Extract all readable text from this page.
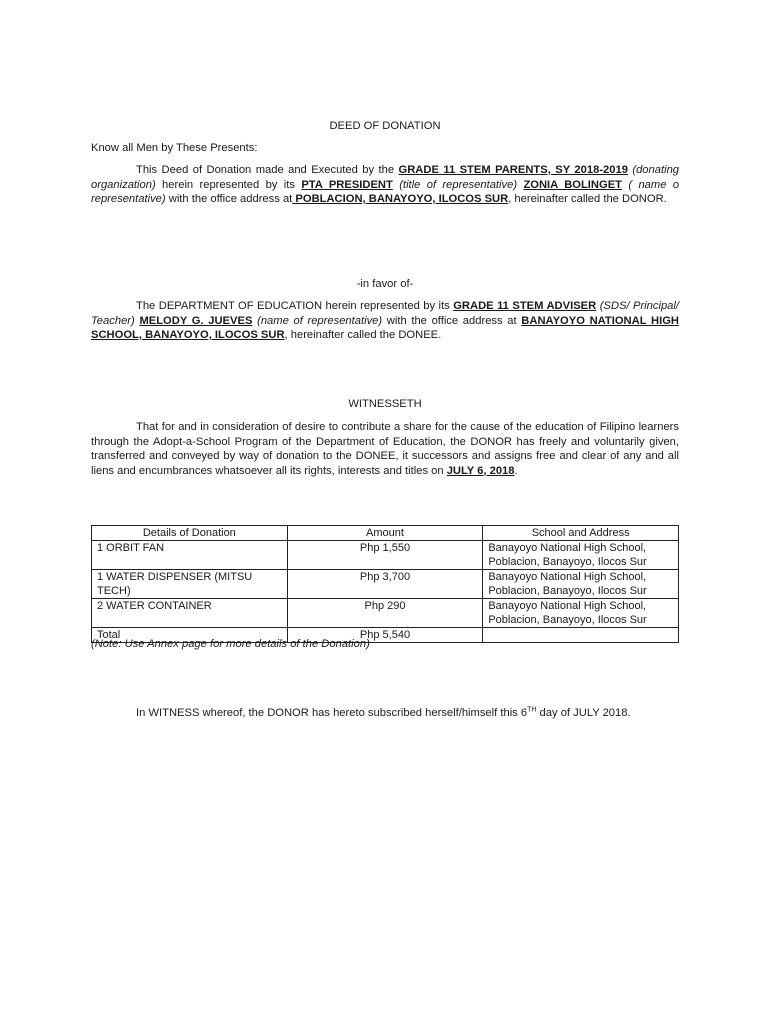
DEED OF DONATION
Know all Men by These Presents:
This Deed of Donation made and Executed by the GRADE 11 STEM PARENTS, SY 2018-2019 (donating organization) herein represented by its PTA PRESIDENT (title of representative) ZONIA BOLINGET ( name o representative) with the office address at POBLACION, BANAYOYO, ILOCOS SUR, hereinafter called the DONOR.
-in favor of-
The DEPARTMENT OF EDUCATION herein represented by its GRADE 11 STEM ADVISER (SDS/ Principal/ Teacher) MELODY G. JUEVES (name of representative) with the office address at BANAYOYO NATIONAL HIGH SCHOOL, BANAYOYO, ILOCOS SUR, hereinafter called the DONEE.
WITNESSETH
That for and in consideration of desire to contribute a share for the cause of the education of Filipino learners through the Adopt-a-School Program of the Department of Education, the DONOR has freely and voluntarily given, transferred and conveyed by way of donation to the DONEE, it successors and assigns free and clear of any and all liens and encumbrances whatsoever all its rights, interests and titles on JULY 6, 2018.
Details of Donation	Amount	School and Address
1 ORBIT FAN	Php 1,550	Banayoyo National High School, Poblacion, Banayoyo, Ilocos Sur
1 WATER DISPENSER (MITSU TECH)	Php 3,700	Banayoyo National High School, Poblacion, Banayoyo, Ilocos Sur
2 WATER CONTAINER	Php 290	Banayoyo National High School, Poblacion, Banayoyo, Ilocos Sur
Total	Php 5,540	
(Note: Use Annex page for more details of the Donation)
In WITNESS whereof, the DONOR has hereto subscribed herself/himself this 6TH day of JULY 2018.
